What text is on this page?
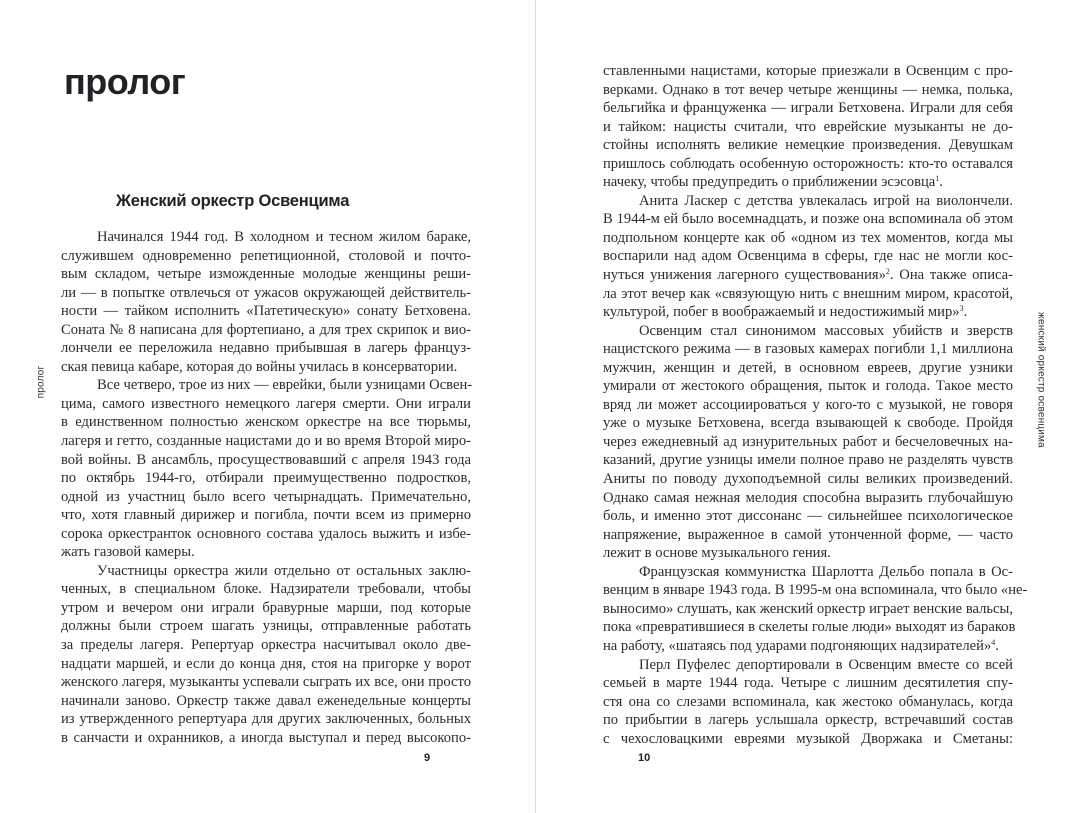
пролог
Женский оркестр Освенцима
Начинался 1944 год. В холодном и тесном жилом бараке,
служившем одновременно репетиционной, столовой и почто-
вым складом, четыре изможденные молодые женщины реши-
ли — в попытке отвлечься от ужасов окружающей действитель-
ности — тайком исполнить «Патетическую» сонату Бетховена.
Соната № 8 написана для фортепиано, а для трех скрипок и вио-
лончели ее переложила недавно прибывшая в лагерь француз-
ская певица кабаре, которая до войны училась в консерватории.
Все четверо, трое из них — еврейки, были узницами Освен-
цима, самого известного немецкого лагеря смерти. Они играли
в единственном полностью женском оркестре на все тюрьмы,
лагеря и гетто, созданные нацистами до и во время Второй миро-
вой войны. В ансамбль, просуществовавший с апреля 1943 года
по октябрь 1944-го, отбирали преимущественно подростков,
одной из участниц было всего четырнадцать. Примечательно,
что, хотя главный дирижер и погибла, почти всем из примерно
сорока оркестранток основного состава удалось выжить и избе-
жать газовой камеры.
Участницы оркестра жили отдельно от остальных заклю-
ченных, в специальном блоке. Надзиратели требовали, чтобы
утром и вечером они играли бравурные марши, под которые
должны были строем шагать узницы, отправленные работать
за пределы лагеря. Репертуар оркестра насчитывал около две-
надцати маршей, и если до конца дня, стоя на пригорке у ворот
женского лагеря, музыканты успевали сыграть их все, они просто
начинали заново. Оркестр также давал еженедельные концерты
из утвержденного репертуара для других заключенных, больных
в санчасти и охранников, а иногда выступал и перед высокопо-
пролог
9
ставленными нацистами, которые приезжали в Освенцим с про-
верками. Однако в тот вечер четыре женщины — немка, полька,
бельгийка и француженка — играли Бетховена. Играли для себя
и тайком: нацисты считали, что еврейские музыканты не до-
стойны исполнять великие немецкие произведения. Девушкам
пришлось соблюдать особенную осторожность: кто-то оставался
начеку, чтобы предупредить о приближении эсэсовца$^1$.
Анита Ласкер с детства увлекалась игрой на виолончели.
В 1944-м ей было восемнадцать, и позже она вспоминала об этом
подпольном концерте как об «одном из тех моментов, когда мы
воспарили над адом Освенцима в сферы, где нас не могли кос-
нуться унижения лагерного существования»$^2$. Она также описа-
ла этот вечер как «связующую нить с внешним миром, красотой,
культурой, побег в воображаемый и недостижимый мир»$^3$.
Освенцим стал синонимом массовых убийств и зверств
нацистского режима — в газовых камерах погибли 1,1 миллиона
мужчин, женщин и детей, в основном евреев, другие узники
умирали от жестокого обращения, пыток и голода. Такое место
вряд ли может ассоциироваться у кого-то с музыкой, не говоря
уже о музыке Бетховена, всегда взывающей к свободе. Пройдя
через ежедневный ад изнурительных работ и бесчеловечных на-
казаний, другие узницы имели полное право не разделять чувств
Аниты по поводу духоподъемной силы великих произведений.
Однако самая нежная мелодия способна выразить глубочайшую
боль, и именно этот диссонанс — сильнейшее психологическое
напряжение, выраженное в самой утонченной форме, — часто
лежит в основе музыкального гения.
Французская коммунистка Шарлотта Дельбо попала в Ос-
венцим в январе 1943 года. В 1995-м она вспоминала, что было «не-
выносимо» слушать, как женский оркестр играет венские вальсы,
пока «превратившиеся в скелеты голые люди» выходят из бараков
на работу, «шатаясь под ударами подгоняющих надзирателей»$^4$.
Перл Пуфелес депортировали в Освенцим вместе со всей
семьей в марте 1944 года. Четыре с лишним десятилетия спу-
стя она со слезами вспоминала, как жестоко обманулась, когда
по прибытии в лагерь услышала оркестр, встречавший состав
с чехословацкими евреями музыкой Дворжака и Сметаны:
женский оркестр освенцима
10
